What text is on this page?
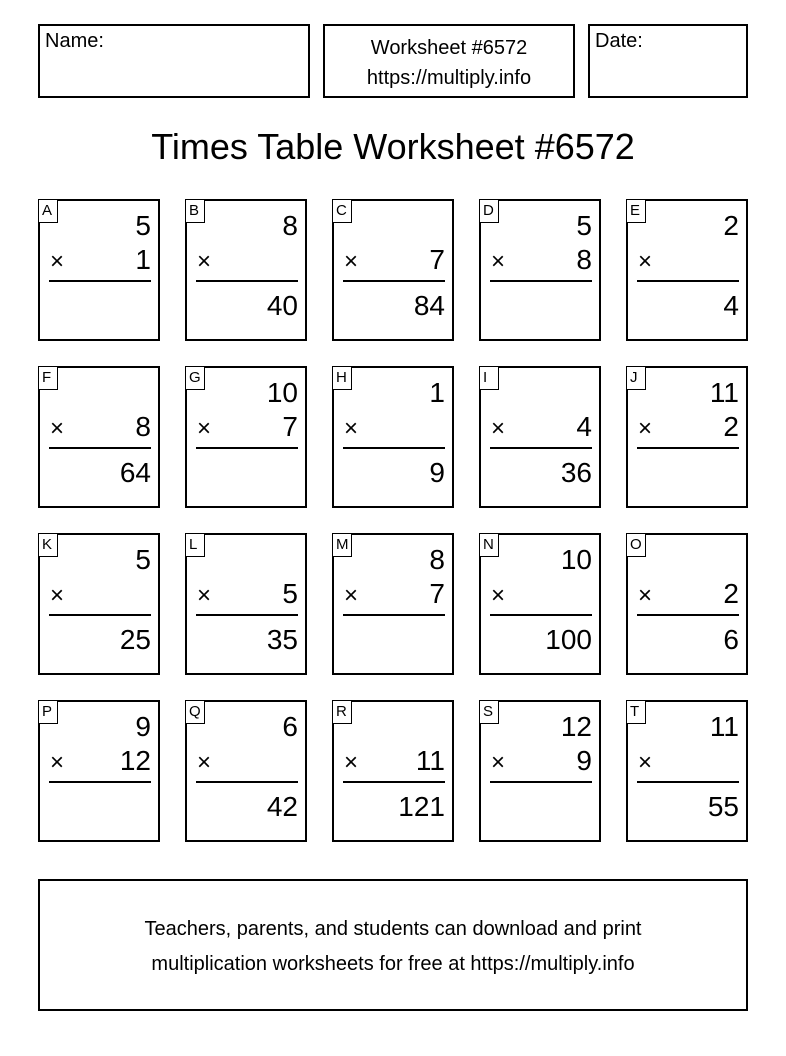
Name:	Worksheet #6572
https://multiply.info
Date:
Times Table Worksheet #6572
A	5
×	1
B	8
×
40
C
×	7
84
D	5
×	8
E	2
×
4
F
×	8
64
G 10
×	7
H	1
×
9
I
×	4
36
J	11
×	2
K	5
×
25
L
×	5
35
M	8
×	7
N 10
×
100
O
×	2
6
P	9
× 12
Q	6
×
42
R
× 11
121
S 12
×	9
T	11
×
55
Teachers, parents, and students can download and print
multiplication worksheets for free at https://multiply.info
